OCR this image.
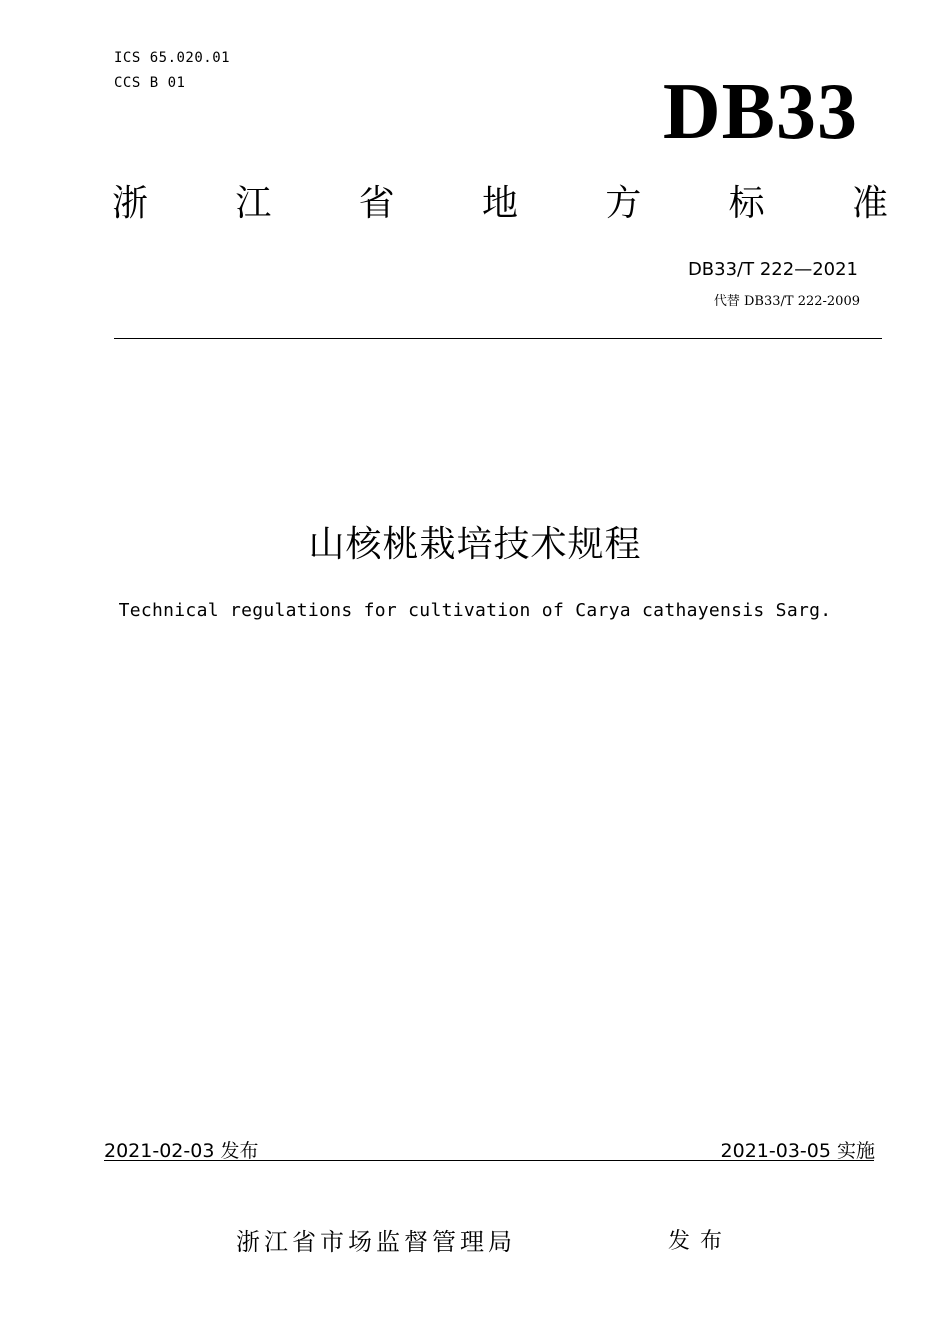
ICS 65.020.01
CCS B 01	DB33
浙 江 省 地 方 标 准
DB33/T 222—2021
代替 DB33/T 222-2009
山核桃栽培技术规程
Technical regulations for cultivation of Carya cathayensis Sarg.
2021-02-03 发布	2021-03-05 实施
浙江省市场监督管理局	发布
